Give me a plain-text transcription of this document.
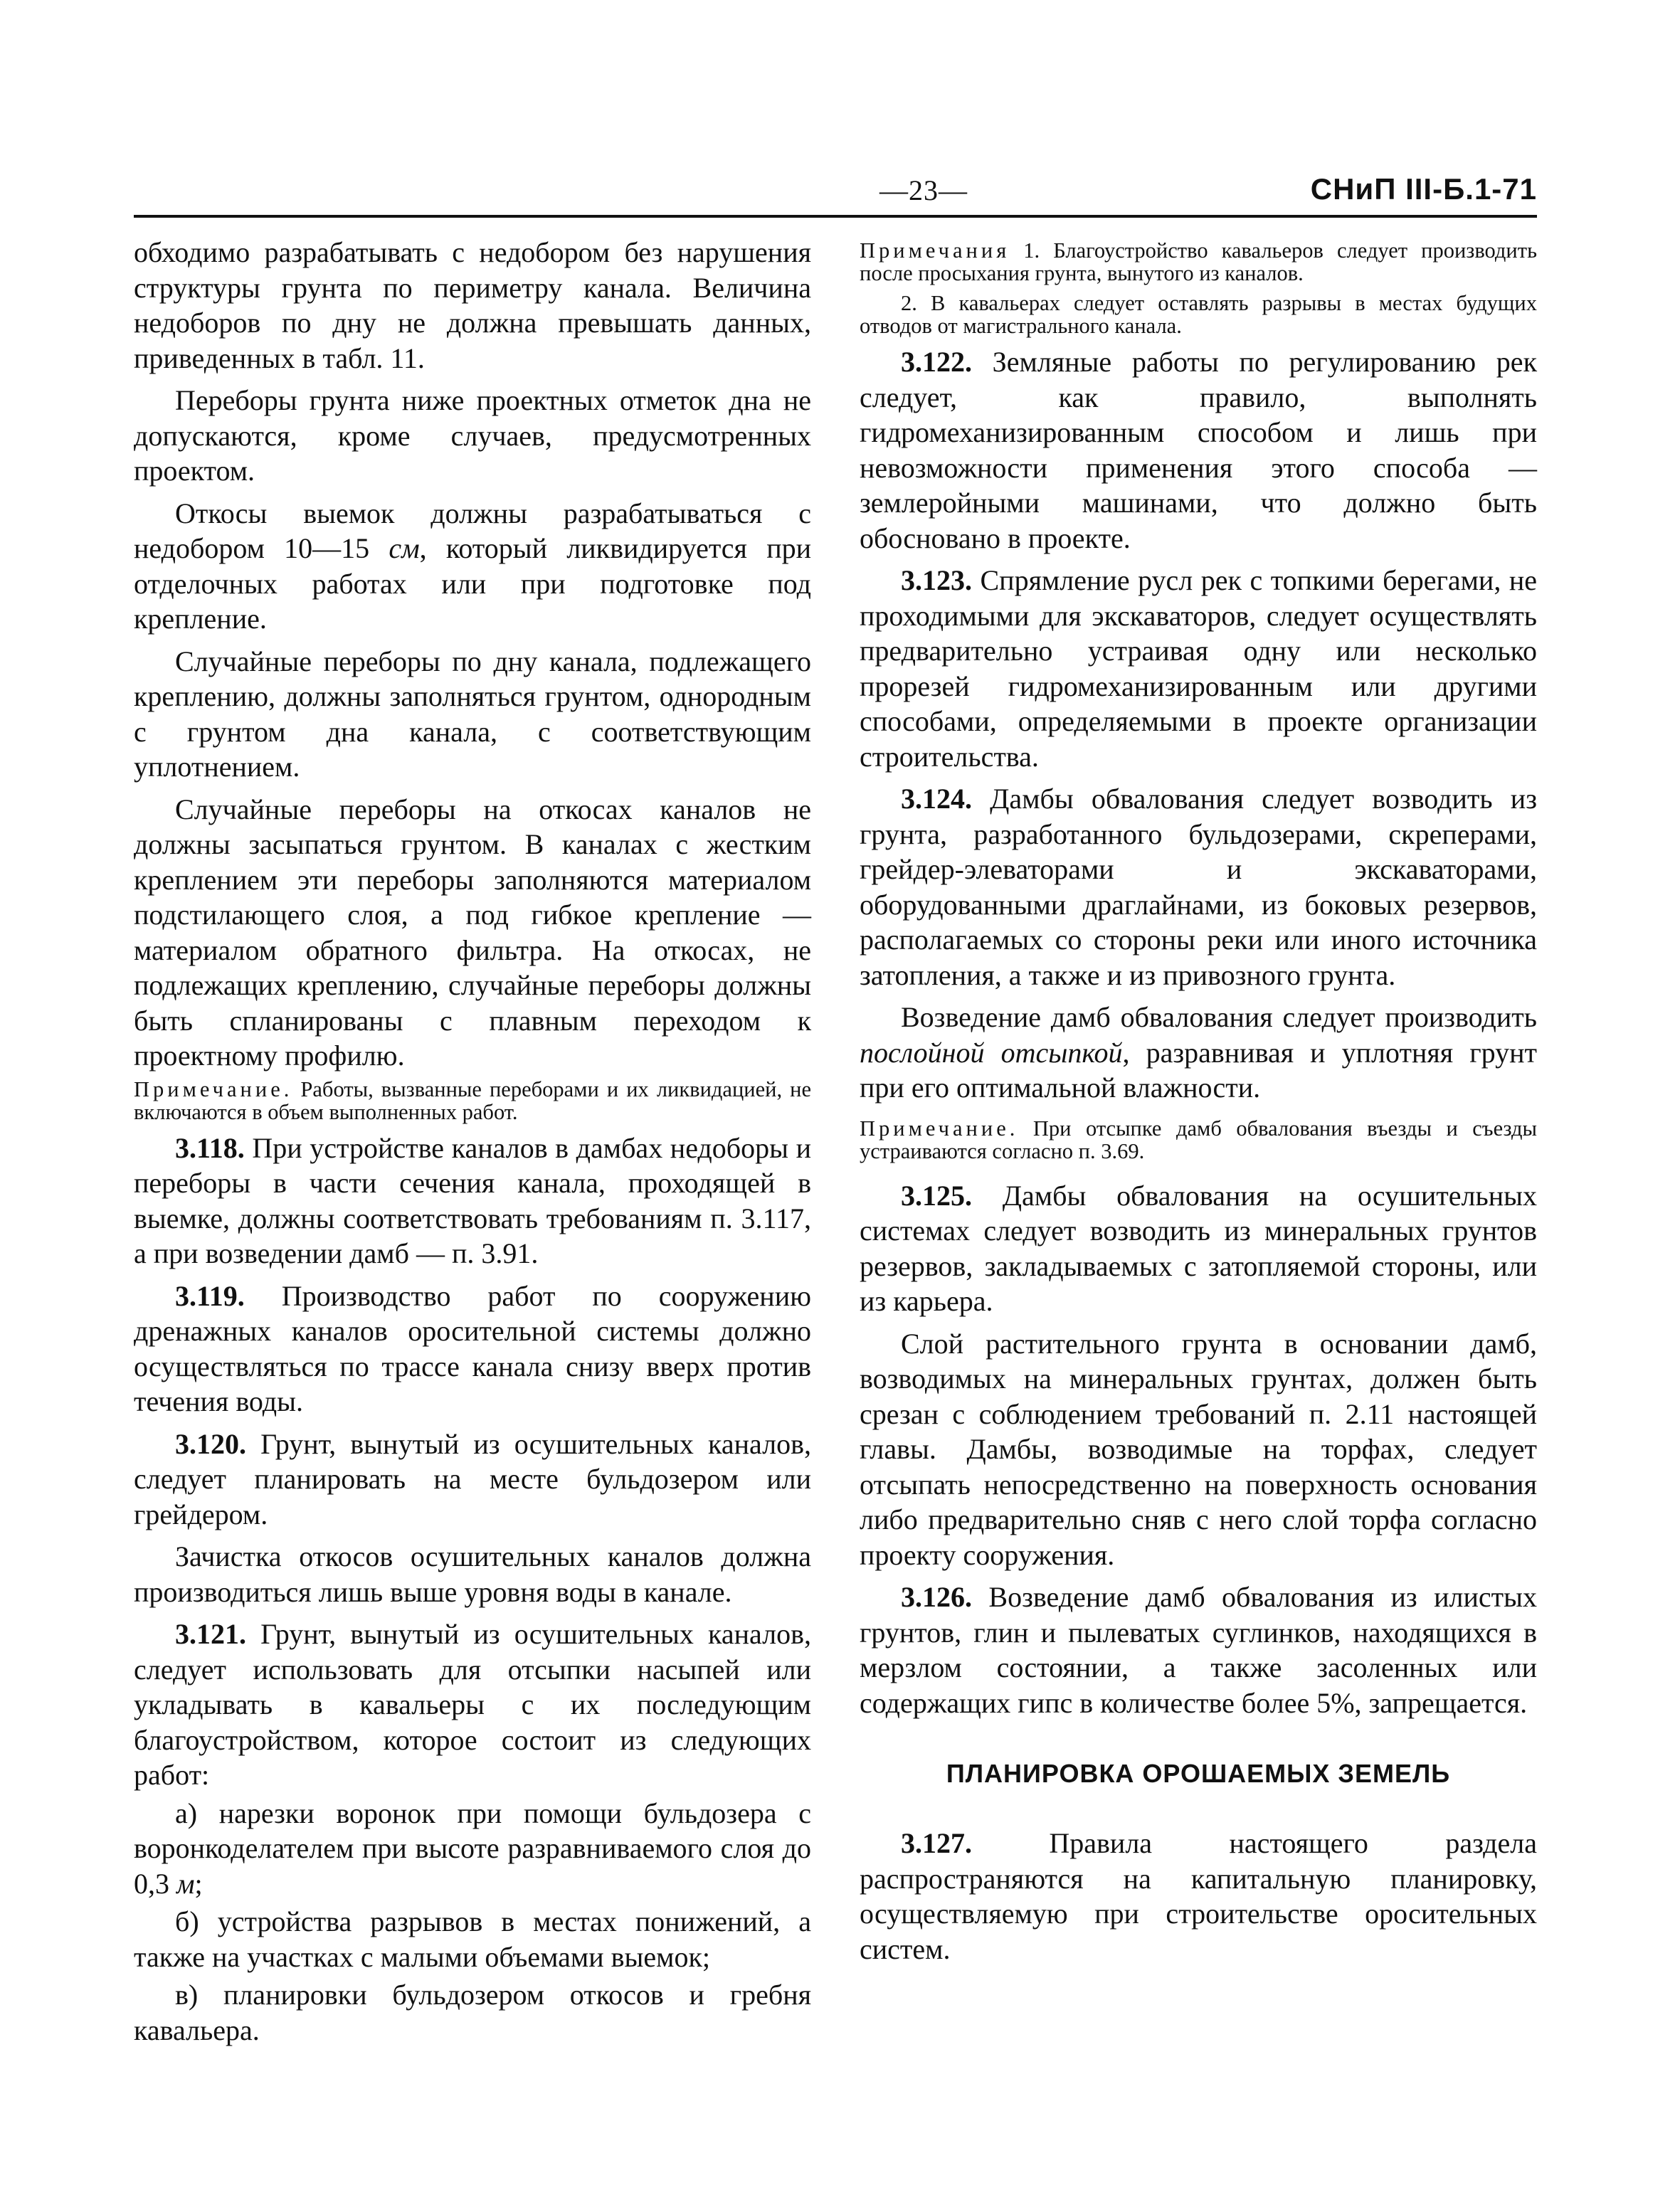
—23—	СНиП III-Б.1-71

обходимо разрабатывать с недобором без нарушения структуры грунта по периметру канала. Величина недоборов по дну не должна превышать данных, приведенных в табл. 11.

Переборы грунта ниже проектных отметок дна не допускаются, кроме случаев, предусмотренных проектом.

Откосы выемок должны разрабатываться с недобором 10—15 см, который ликвидируется при отделочных работах или при подготовке под крепление.

Случайные переборы по дну канала, подлежащего креплению, должны заполняться грунтом, однородным с грунтом дна канала, с соответствующим уплотнением.

Случайные переборы на откосах каналов не должны засыпаться грунтом. В каналах с жестким креплением эти переборы заполняются материалом подстилающего слоя, а под гибкое крепление — материалом обратного фильтра. На откосах, не подлежащих креплению, случайные переборы должны быть спланированы с плавным переходом к проектному профилю.

Примечание. Работы, вызванные переборами и их ликвидацией, не включаются в объем выполненных работ.

3.118. При устройстве каналов в дамбах недоборы и переборы в части сечения канала, проходящей в выемке, должны соответствовать требованиям п. 3.117, а при возведении дамб — п. 3.91.

3.119. Производство работ по сооружению дренажных каналов оросительной системы должно осуществляться по трассе канала снизу вверх против течения воды.

3.120. Грунт, вынутый из осушительных каналов, следует планировать на месте бульдозером или грейдером.

Зачистка откосов осушительных каналов должна производиться лишь выше уровня воды в канале.

3.121. Грунт, вынутый из осушительных каналов, следует использовать для отсыпки насыпей или укладывать в кавальеры с их последующим благоустройством, которое состоит из следующих работ:

а) нарезки воронок при помощи бульдозера с воронкоделателем при высоте разравниваемого слоя до 0,3 м;

б) устройства разрывов в местах понижений, а также на участках с малыми объемами выемок;

в) планировки бульдозером откосов и гребня кавальера.

Примечания 1. Благоустройство кавальеров следует производить после просыхания грунта, вынутого из каналов.

2. В кавальерах следует оставлять разрывы в местах будущих отводов от магистрального канала.

3.122. Земляные работы по регулированию рек следует, как правило, выполнять гидромеханизированным способом и лишь при невозможности применения этого способа — землеройными машинами, что должно быть обосновано в проекте.

3.123. Спрямление русл рек с топкими берегами, не проходимыми для экскаваторов, следует осуществлять предварительно устраивая одну или несколько прорезей гидромеханизированным или другими способами, определяемыми в проекте организации строительства.

3.124. Дамбы обвалования следует возводить из грунта, разработанного бульдозерами, скреперами, грейдер-элеваторами и экскаваторами, оборудованными драглайнами, из боковых резервов, располагаемых со стороны реки или иного источника затопления, а также и из привозного грунта.

Возведение дамб обвалования следует производить послойной отсыпкой, разравнивая и уплотняя грунт при его оптимальной влажности.

Примечание. При отсыпке дамб обвалования въезды и съезды устраиваются согласно п. 3.69.

3.125. Дамбы обвалования на осушительных системах следует возводить из минеральных грунтов резервов, закладываемых с затопляемой стороны, или из карьера.

Слой растительного грунта в основании дамб, возводимых на минеральных грунтах, должен быть срезан с соблюдением требований п. 2.11 настоящей главы. Дамбы, возводимые на торфах, следует отсыпать непосредственно на поверхность основания либо предварительно сняв с него слой торфа согласно проекту сооружения.

3.126. Возведение дамб обвалования из илистых грунтов, глин и пылеватых суглинков, находящихся в мерзлом состоянии, а также засоленных или содержащих гипс в количестве более 5%, запрещается.

ПЛАНИРОВКА ОРОШАЕМЫХ ЗЕМЕЛЬ

3.127. Правила настоящего раздела распространяются на капитальную планировку, осуществляемую при строительстве оросительных систем.
